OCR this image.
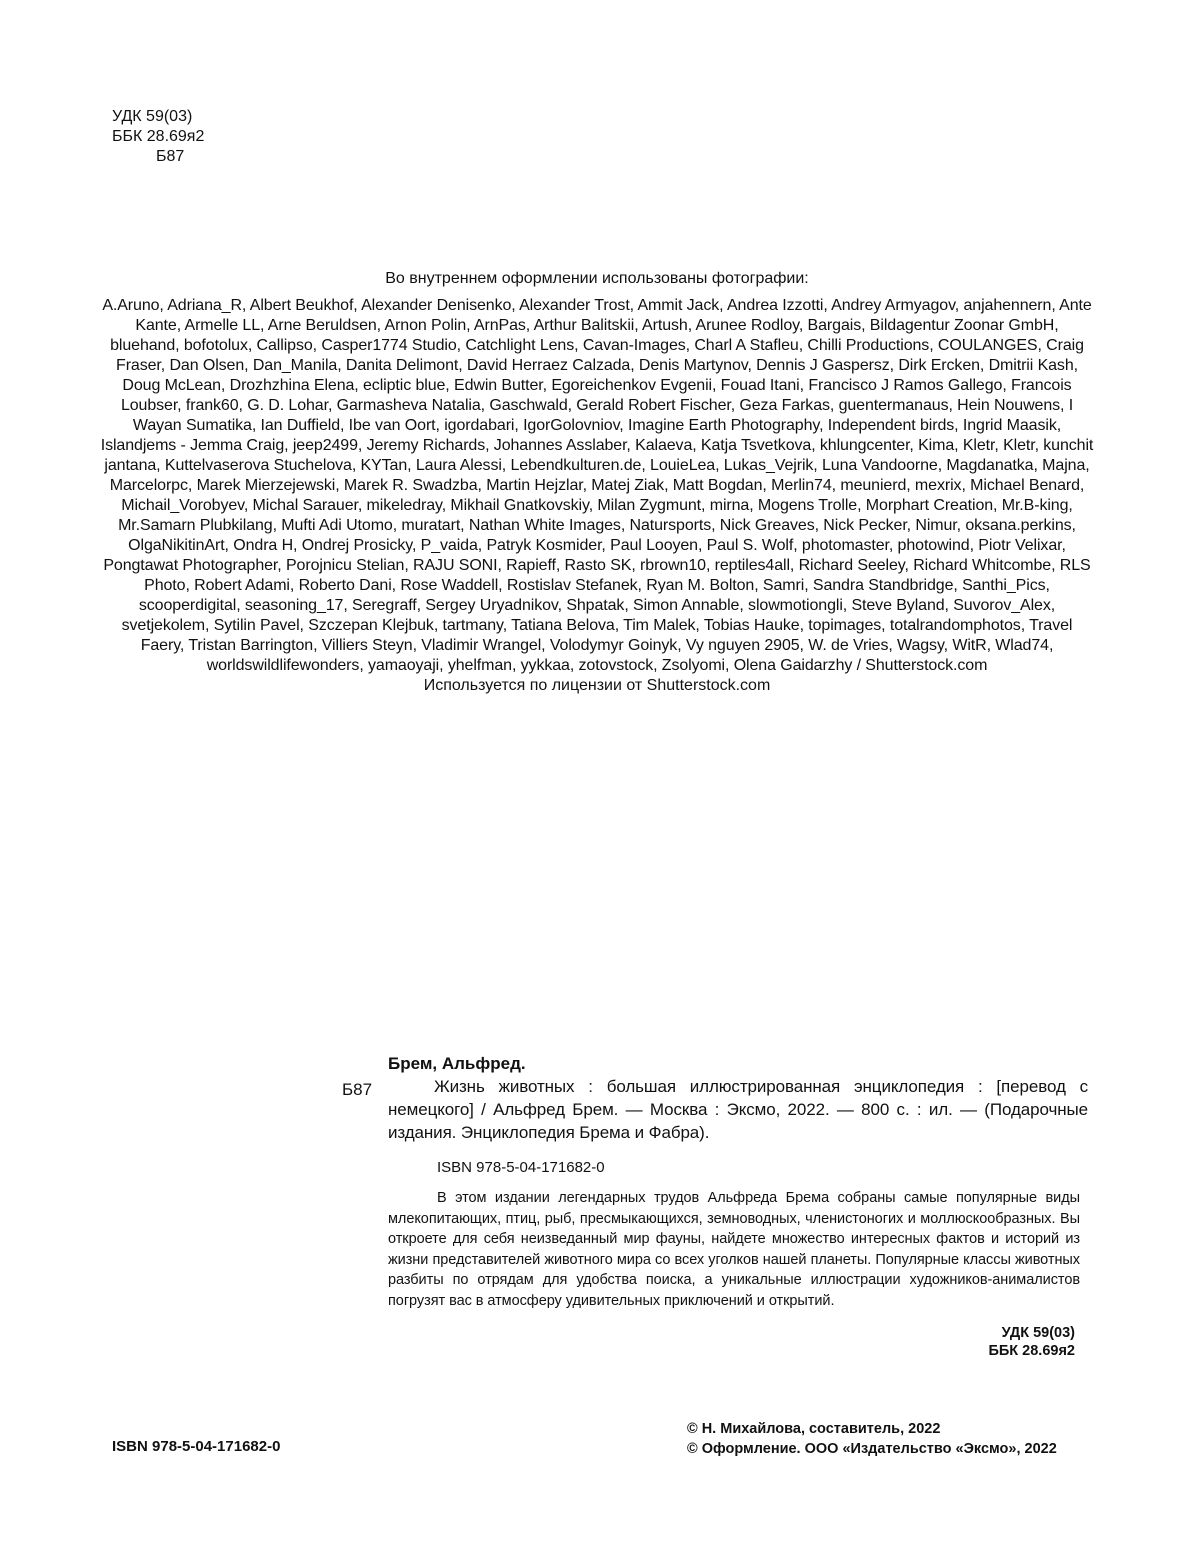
УДК 59(03)
ББК 28.69я2
Б87
Во внутреннем оформлении использованы фотографии:
A.Aruno, Adriana_R, Albert Beukhof, Alexander Denisenko, Alexander Trost, Ammit Jack, Andrea Izzotti, Andrey Armyagov, anjahennern, Ante Kante, Armelle LL, Arne Beruldsen, Arnon Polin, ArnPas, Arthur Balitskii, Artush, Arunee Rodloy, Bargais, Bildagentur Zoonar GmbH, bluehand, bofotolux, Callipso, Casper1774 Studio, Catchlight Lens, Cavan-Images, Charl A Stafleu, Chilli Productions, COULANGES, Craig Fraser, Dan Olsen, Dan_Manila, Danita Delimont, David Herraez Calzada, Denis Martynov, Dennis J Gaspersz, Dirk Ercken, Dmitrii Kash, Doug McLean, Drozhzhina Elena, ecliptic blue, Edwin Butter, Egoreichenkov Evgenii, Fouad Itani, Francisco J Ramos Gallego, Francois Loubser, frank60, G. D. Lohar, Garmasheva Natalia, Gaschwald, Gerald Robert Fischer, Geza Farkas, guentermanaus, Hein Nouwens, I Wayan Sumatika, Ian Duffield, Ibe van Oort, igordabari, IgorGolovniov, Imagine Earth Photography, Independent birds, Ingrid Maasik, Islandjems - Jemma Craig, jeep2499, Jeremy Richards, Johannes Asslaber, Kalaeva, Katja Tsvetkova, khlungcenter, Kima, Kletr, Kletr, kunchit jantana, Kuttelvaserova Stuchelova, KYTan, Laura Alessi, Lebendkulturen.de, LouieLea, Lukas_Vejrik, Luna Vandoorne, Magdanatka, Majna, Marcelorpc, Marek Mierzejewski, Marek R. Swadzba, Martin Hejzlar, Matej Ziak, Matt Bogdan, Merlin74, meunierd, mexrix, Michael Benard, Michail_Vorobyev, Michal Sarauer, mikeledray, Mikhail Gnatkovskiy, Milan Zygmunt, mirna, Mogens Trolle, Morphart Creation, Mr.B-king, Mr.Samarn Plubkilang, Mufti Adi Utomo, muratart, Nathan White Images, Natursports, Nick Greaves, Nick Pecker, Nimur, oksana.perkins, OlgaNikitinArt, Ondra H, Ondrej Prosicky, P_vaida, Patryk Kosmider, Paul Looyen, Paul S. Wolf, photomaster, photowind, Piotr Velixar, Pongtawat Photographer, Porojnicu Stelian, RAJU SONI, Rapieff, Rasto SK, rbrown10, reptiles4all, Richard Seeley, Richard Whitcombe, RLS Photo, Robert Adami, Roberto Dani, Rose Waddell, Rostislav Stefanek, Ryan M. Bolton, Samri, Sandra Standbridge, Santhi_Pics, scooperdigital, seasoning_17, Seregraff, Sergey Uryadnikov, Shpatak, Simon Annable, slowmotiongli, Steve Byland, Suvorov_Alex, svetjekolem, Sytilin Pavel, Szczepan Klejbuk, tartmany, Tatiana Belova, Tim Malek, Tobias Hauke, topimages, totalrandomphotos, Travel Faery, Tristan Barrington, Villiers Steyn, Vladimir Wrangel, Volodymyr Goinyk, Vy nguyen 2905, W. de Vries, Wagsy, WitR, Wlad74, worldswildlifewonders, yamaoyaji, yhelfman, yykkaa, zotovstock, Zsolyomi, Olena Gaidarzhy / Shutterstock.com
Используется по лицензии от Shutterstock.com
Б87
Брем, Альфред.
Жизнь животных : большая иллюстрированная энциклопедия : [перевод с немецкого] / Альфред Брем. — Москва : Эксмо, 2022. — 800 с. : ил. — (Подарочные издания. Энциклопедия Брема и Фабра).
ISBN 978-5-04-171682-0
В этом издании легендарных трудов Альфреда Брема собраны самые популярные виды млекопитающих, птиц, рыб, пресмыкающихся, земноводных, членистоногих и моллюскообразных. Вы откроете для себя неизведанный мир фауны, найдете множество интересных фактов и историй из жизни представителей животного мира со всех уголков нашей планеты. Популярные классы животных разбиты по отрядам для удобства поиска, а уникальные иллюстрации художников-анималистов погрузят вас в атмосферу удивительных приключений и открытий.
УДК 59(03)
ББК 28.69я2
ISBN 978-5-04-171682-0
© Н. Михайлова, составитель, 2022
© Оформление. ООО «Издательство «Эксмо», 2022
